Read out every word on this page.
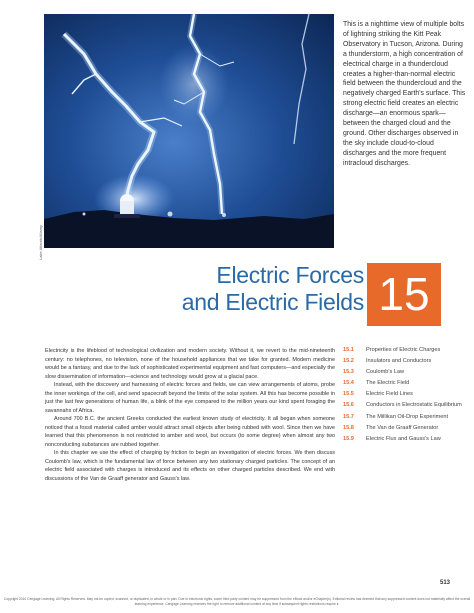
Lake Atlantic/Alamy
This is a nighttime view of multiple bolts of lightning striking the Kitt Peak Observatory in Tucson, Arizona. During a thunderstorm, a high concentration of electrical charge in a thundercloud creates a higher-than-normal electric field between the thundercloud and the negatively charged Earth's surface. This strong electric field creates an electric discharge—an enormous spark—between the charged cloud and the ground. Other discharges observed in the sky include cloud-to-cloud discharges and the more frequent intracloud discharges.
Electric Forces
and Electric Fields 15

Electricity is the lifeblood of technological civilization and modern society. Without it, we revert to the mid-nineteenth century: no telephones, no television, none of the household appliances that we take for granted. Modern medicine would be a fantasy, and due to the lack of sophisticated experimental equipment and fast computers—and especially the slow dissemination of information—science and technology would grow at a glacial pace.

Instead, with the discovery and harnessing of electric forces and fields, we can view arrangements of atoms, probe the inner workings of the cell, and send spacecraft beyond the limits of the solar system. All this has become possible in just the last few generations of human life, a blink of the eye compared to the million years our kind spent foraging the savannahs of Africa.

Around 700 B.C. the ancient Greeks conducted the earliest known study of electricity. It all began when someone noticed that a fossil material called amber would attract small objects after being rubbed with wool. Since then we have learned that this phenomenon is not restricted to amber and wool, but occurs (to some degree) when almost any two nonconducting substances are rubbed together.

In this chapter we use the effect of charging by friction to begin an investigation of electric forces. We then discuss Coulomb's law, which is the fundamental law of force between any two stationary charged particles. The concept of an electric field associated with charges is introduced and its effects on other charged particles described. We end with discussions of the Van de Graaff generator and Gauss's law.

15.1	Properties of Electric Charges
15.2	Insulators and Conductors
15.3	Coulomb's Law
15.4	The Electric Field
15.5	Electric Field Lines
15.6	Conductors in Electrostatic Equilibrium
15.7	The Millikan Oil-Drop Experiment
15.8	The Van de Graaff Generator
15.9	Electric Flux and Gauss's Law
513
Copyright 2010 Cengage Learning. All Rights Reserved. May not be copied, scanned, or duplicated, in whole or in part. Due to electronic rights, some third party content may be suppressed from the eBook and/or eChapter(s). Editorial review has deemed that any suppressed content does not materially affect the overall learning experience. Cengage Learning reserves the right to remove additional content at any time if subsequent rights restrictions require it.
